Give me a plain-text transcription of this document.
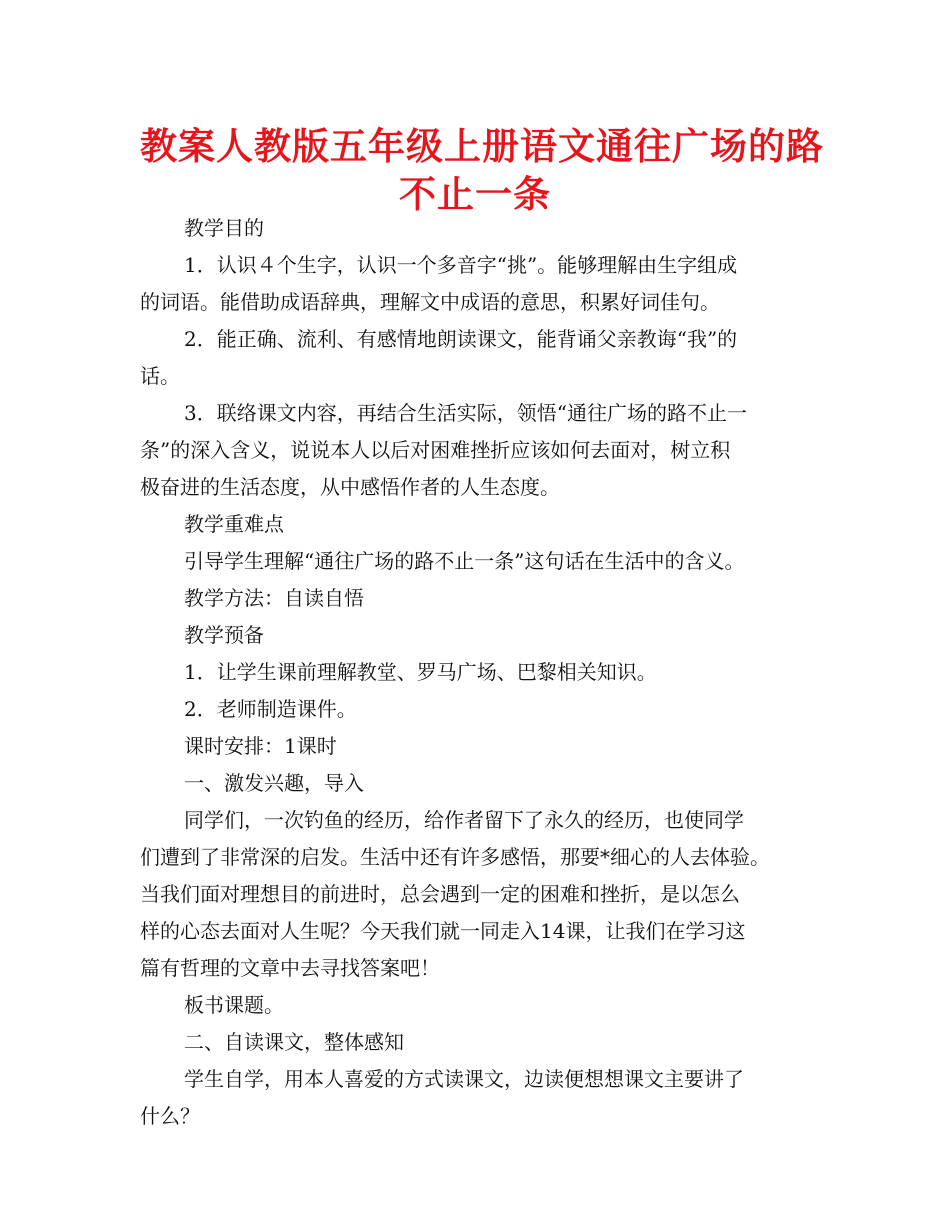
教案人教版五年级上册语文通往广场的路
不止一条
教学目的
1．认识４个生字，认识一个多音字“挑”。能够理解由生字组成
的词语。能借助成语辞典，理解文中成语的意思，积累好词佳句。
2．能正确、流利、有感情地朗读课文，能背诵父亲教诲“我”的
话。
3．联络课文内容，再结合生活实际，领悟“通往广场的路不止一
条”的深入含义，说说本人以后对困难挫折应该如何去面对，树立积
极奋进的生活态度，从中感悟作者的人生态度。
教学重难点
引导学生理解“通往广场的路不止一条”这句话在生活中的含义。
教学方法：自读自悟
教学预备
1．让学生课前理解教堂、罗马广场、巴黎相关知识。
2．老师制造课件。
课时安排：1课时
一、激发兴趣，导入
同学们，一次钓鱼的经历，给作者留下了永久的经历，也使同学
们遭到了非常深的启发。生活中还有许多感悟，那要*细心的人去体验。
当我们面对理想目的前进时，总会遇到一定的困难和挫折，是以怎么
样的心态去面对人生呢？今天我们就一同走入14课，让我们在学习这
篇有哲理的文章中去寻找答案吧！
板书课题。
二、自读课文，整体感知
学生自学，用本人喜爱的方式读课文，边读便想想课文主要讲了
什么？
